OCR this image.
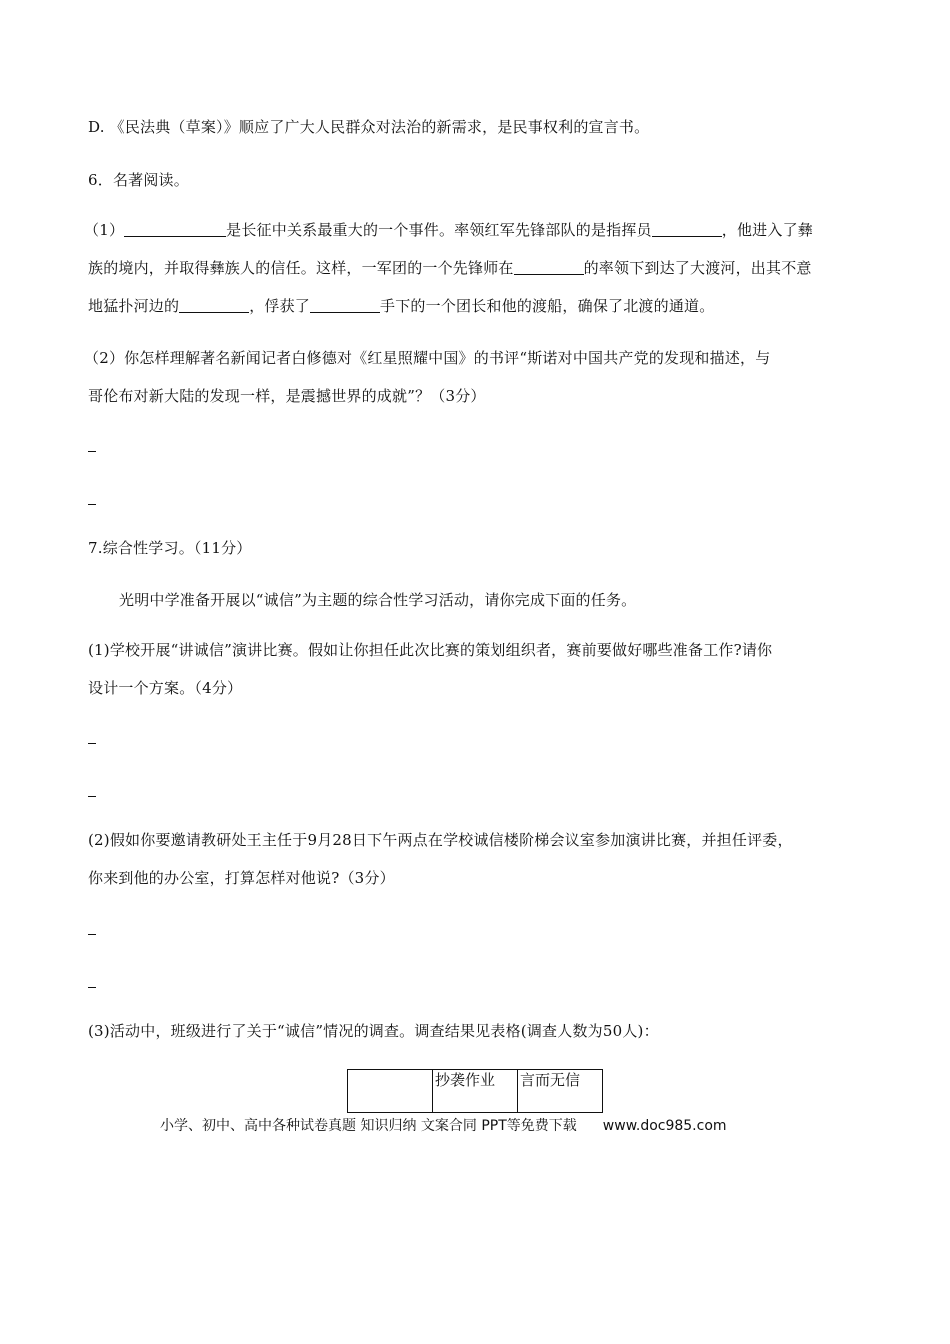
D. 《民法典（草案）》顺应了广大人民群众对法治的新需求，是民事权利的宣言书。
6．名著阅读。
（1）	是长征中关系最重大的一个事件。率领红军先锋部队的是指挥员	，他进入了彝
族的境内，并取得彝族人的信任。这样，一军团的一个先锋师在	的率领下到达了大渡河，出其不意
地猛扑河边的	，俘获了	手下的一个团长和他的渡船，确保了北渡的通道。
（2）你怎样理解著名新闻记者白修德对《红星照耀中国》的书评“斯诺对中国共产党的发现和描述，与
哥伦布对新大陆的发现一样，是震撼世界的成就”？（3分）
7.综合性学习。（11分）
光明中学准备开展以“诚信”为主题的综合性学习活动，请你完成下面的任务。
(1)学校开展“讲诚信”演讲比赛。假如让你担任此次比赛的策划组织者，赛前要做好哪些准备工作?请你
设计一个方案。（4分）
(2)假如你要邀请教研处王主任于9月28日下午两点在学校诚信楼阶梯会议室参加演讲比赛，并担任评委，
你来到他的办公室，打算怎样对他说?（3分）
(3)活动中，班级进行了关于“诚信”情况的调查。调查结果见表格(调查人数为50人)：
	抄袭作业	言而无信
小学、初中、高中各种试卷真题 知识归纳 文案合同 PPT等免费下载 www.doc985.com
